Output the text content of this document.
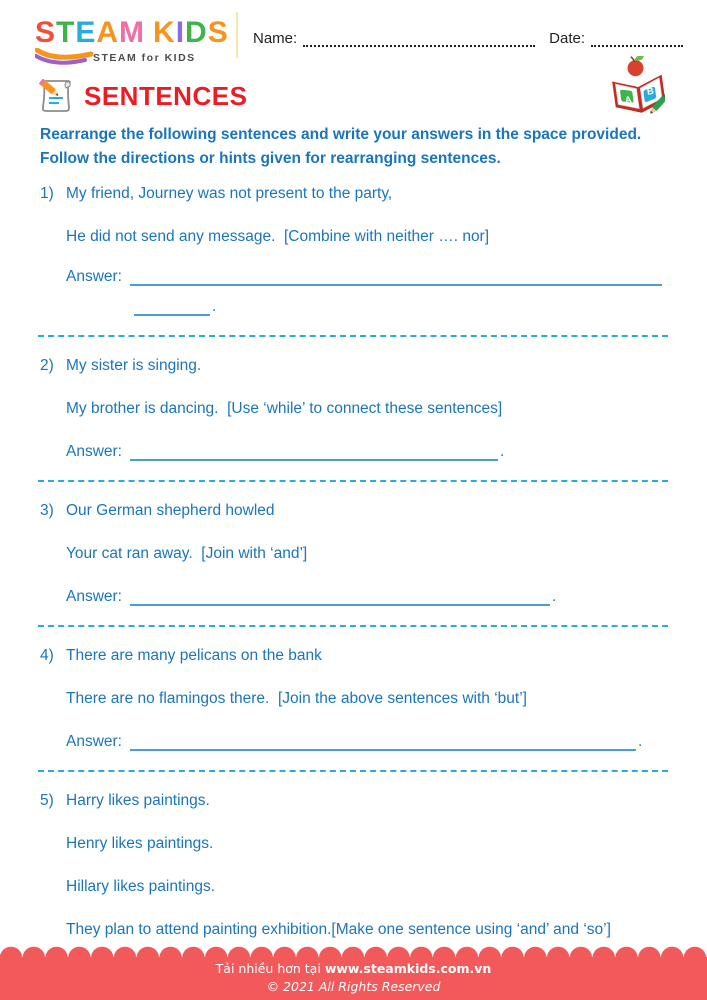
STEAM KIDS
STEAM for KIDS
Name:	Date:
A
B
SENTENCES
Rearrange the following sentences and write your answers in the space provided.
Follow the directions or hints given for rearranging sentences.
1) My friend, Journey was not present to the party,
He did not send any message.  [Combine with neither …. nor]
Answer:
.
2) My sister is singing.
My brother is dancing.  [Use ‘while’ to connect these sentences]
Answer:	.
3) Our German shepherd howled
Your cat ran away.  [Join with ‘and’]
Answer:	.
4) There are many pelicans on the bank
There are no flamingos there.  [Join the above sentences with ‘but’]
Answer:	.
5) Harry likes paintings.
Henry likes paintings.
Hillary likes paintings.
They plan to attend painting exhibition.[Make one sentence using ‘and’ and ‘so’]
Tải nhiều hơn tại www.steamkids.com.vn
© 2021 All Rights Reserved
